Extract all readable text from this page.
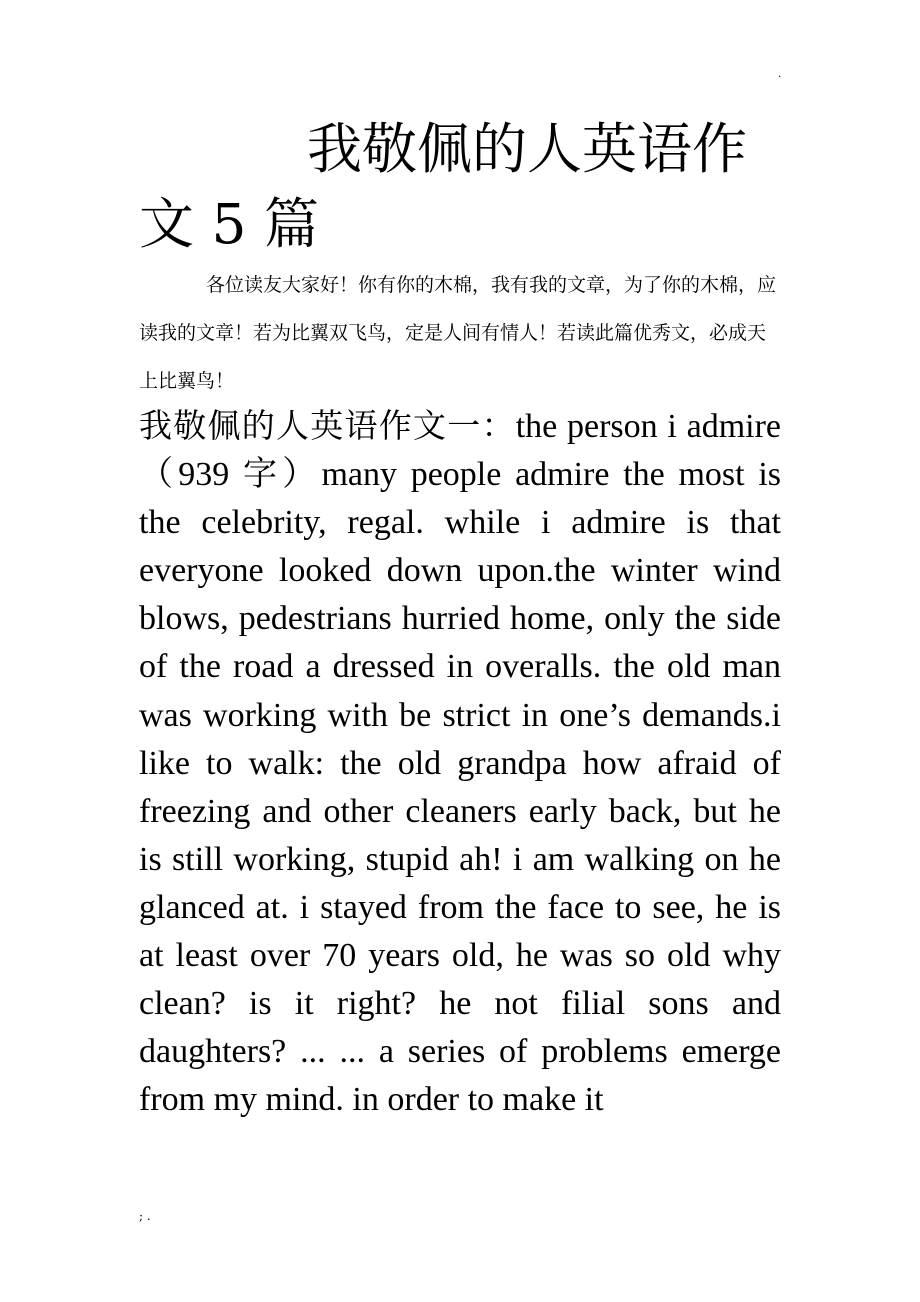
.
我敬佩的人英语作
文 5 篇

各位读友大家好！你有你的木棉，我有我的文章，为了你的木棉，应读我的文章！若为比翼双飞鸟，定是人间有情人！若读此篇优秀文，必成天上比翼鸟！

我敬佩的人英语作文一：the person i admire （939 字）many people admire the most is the celebrity, regal. while i admire is that everyone looked down upon.the winter wind blows, pedestrians hurried home, only the side of the road a dressed in overalls. the old man was working with be strict in one’s demands.i like to walk: the old grandpa how afraid of freezing and other cleaners early back, but he is still working, stupid ah! i am walking on he glanced at. i stayed from the face to see, he is at least over 70 years old, he was so old why clean? is it right? he not filial sons and daughters? ... ... a series of problems emerge from my mind. in order to make it

; .
